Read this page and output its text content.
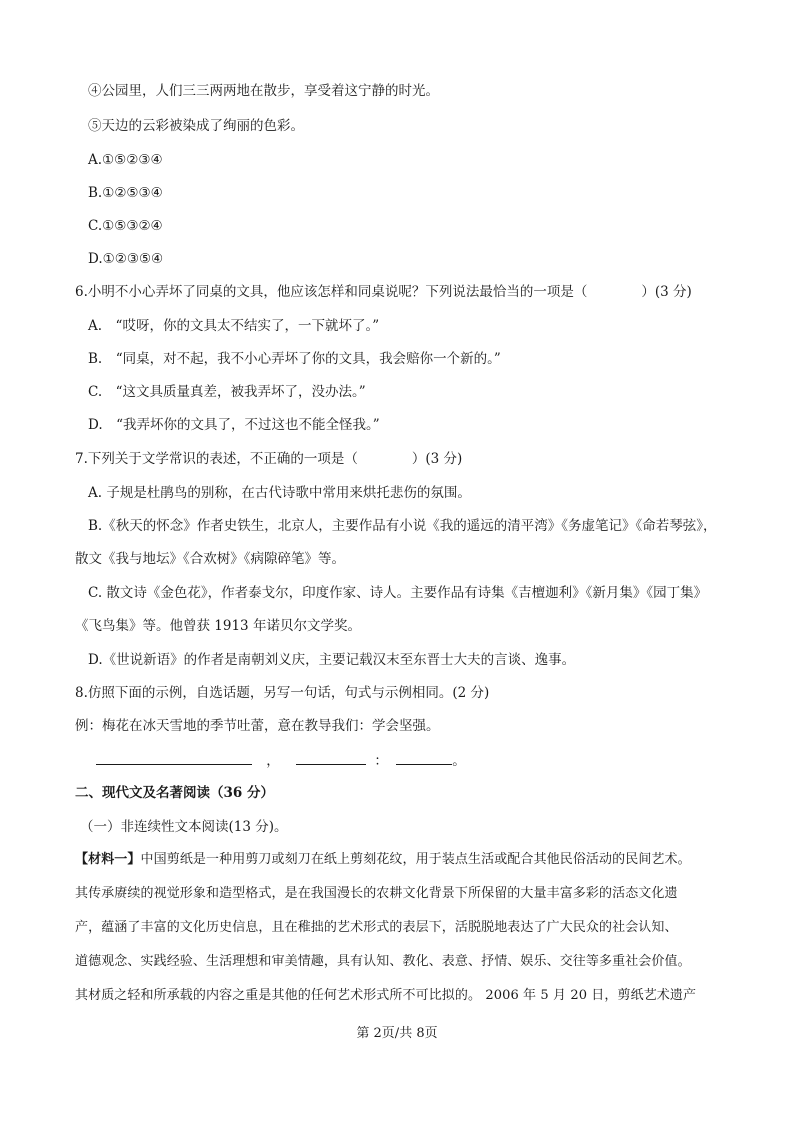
④公园里，人们三三两两地在散步，享受着这宁静的时光。
⑤天边的云彩被染成了绚丽的色彩。
A.①⑤②③④
B.①②⑤③④
C.①⑤③②④
D.①②③⑤④
6.小明不小心弄坏了同桌的文具，他应该怎样和同桌说呢？下列说法最恰当的一项是（　　　　）(3 分)
A.　“哎呀，你的文具太不结实了，一下就坏了。”
B.　“同桌，对不起，我不小心弄坏了你的文具，我会赔你一个新的。”
C.　“这文具质量真差，被我弄坏了，没办法。”
D.　“我弄坏你的文具了，不过这也不能全怪我。”
7.下列关于文学常识的表述，不正确的一项是（　　　　）(3 分)
A. 子规是杜鹃鸟的别称，在古代诗歌中常用来烘托悲伤的氛围。
B.《秋天的怀念》作者史铁生，北京人，主要作品有小说《我的遥远的清平湾》《务虚笔记》《命若琴弦》，
散文《我与地坛》《合欢树》《病隙碎笔》等。
C. 散文诗《金色花》，作者泰戈尔，印度作家、诗人。主要作品有诗集《吉檀迦利》《新月集》《园丁集》
《飞鸟集》等。他曾获 1913 年诺贝尔文学奖。
D.《世说新语》的作者是南朝刘义庆，主要记载汉末至东晋士大夫的言谈、逸事。
8.仿照下面的示例，自选话题，另写一句话，句式与示例相同。(2 分)
例：梅花在冰天雪地的季节吐蕾，意在教导我们：学会坚强。
，	：	。
二、现代文及名著阅读（36 分）
（一）非连续性文本阅读(13 分)。
【材料一】中国剪纸是一种用剪刀或刻刀在纸上剪刻花纹，用于装点生活或配合其他民俗活动的民间艺术。
其传承赓续的视觉形象和造型格式，是在我国漫长的农耕文化背景下所保留的大量丰富多彩的活态文化遗
产，蕴涵了丰富的文化历史信息，且在稚拙的艺术形式的表层下，活脱脱地表达了广大民众的社会认知、
道德观念、实践经验、生活理想和审美情趣，具有认知、教化、表意、抒情、娱乐、交往等多重社会价值。
其材质之轻和所承载的内容之重是其他的任何艺术形式所不可比拟的。 2006 年 5 月 20 日，剪纸艺术遗产
第 2页/共 8页
